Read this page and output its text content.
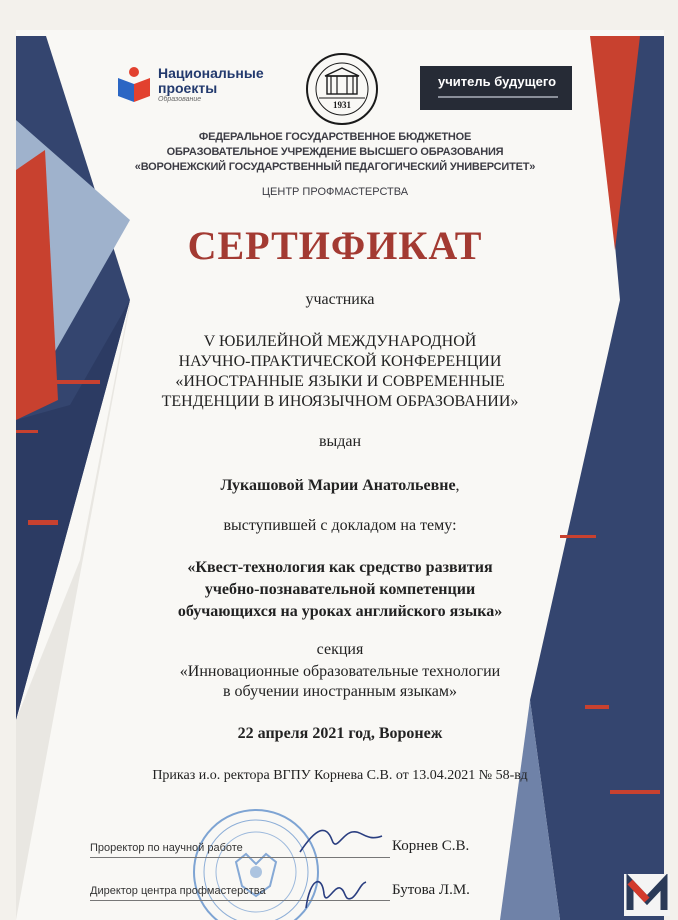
Национальные
проекты
Образование
1931
учитель будущего
ФЕДЕРАЛЬНОЕ ГОСУДАРСТВЕННОЕ БЮДЖЕТНОЕ
ОБРАЗОВАТЕЛЬНОЕ УЧРЕЖДЕНИЕ ВЫСШЕГО ОБРАЗОВАНИЯ
«ВОРОНЕЖСКИЙ ГОСУДАРСТВЕННЫЙ ПЕДАГОГИЧЕСКИЙ УНИВЕРСИТЕТ»
ЦЕНТР ПРОФМАСТЕРСТВА
СЕРТИФИКАТ
участника
V ЮБИЛЕЙНОЙ МЕЖДУНАРОДНОЙ
НАУЧНО-ПРАКТИЧЕСКОЙ КОНФЕРЕНЦИИ
«ИНОСТРАННЫЕ ЯЗЫКИ И СОВРЕМЕННЫЕ
ТЕНДЕНЦИИ В ИНОЯЗЫЧНОМ ОБРАЗОВАНИИ»
выдан
Лукашовой Марии Анатольевне,
выступившей с докладом на тему:
«Квест-технология как средство развития
учебно-познавательной компетенции
обучающихся на уроках английского языка»
секция
«Инновационные образовательные технологии
в обучении иностранным языкам»
22 апреля 2021 год, Воронеж
Приказ и.о. ректора ВГПУ Корнева С.В. от 13.04.2021 № 58-вд
Проректор по научной работе	Корнев С.В.
Директор центра профмастерства	Бутова Л.М.
